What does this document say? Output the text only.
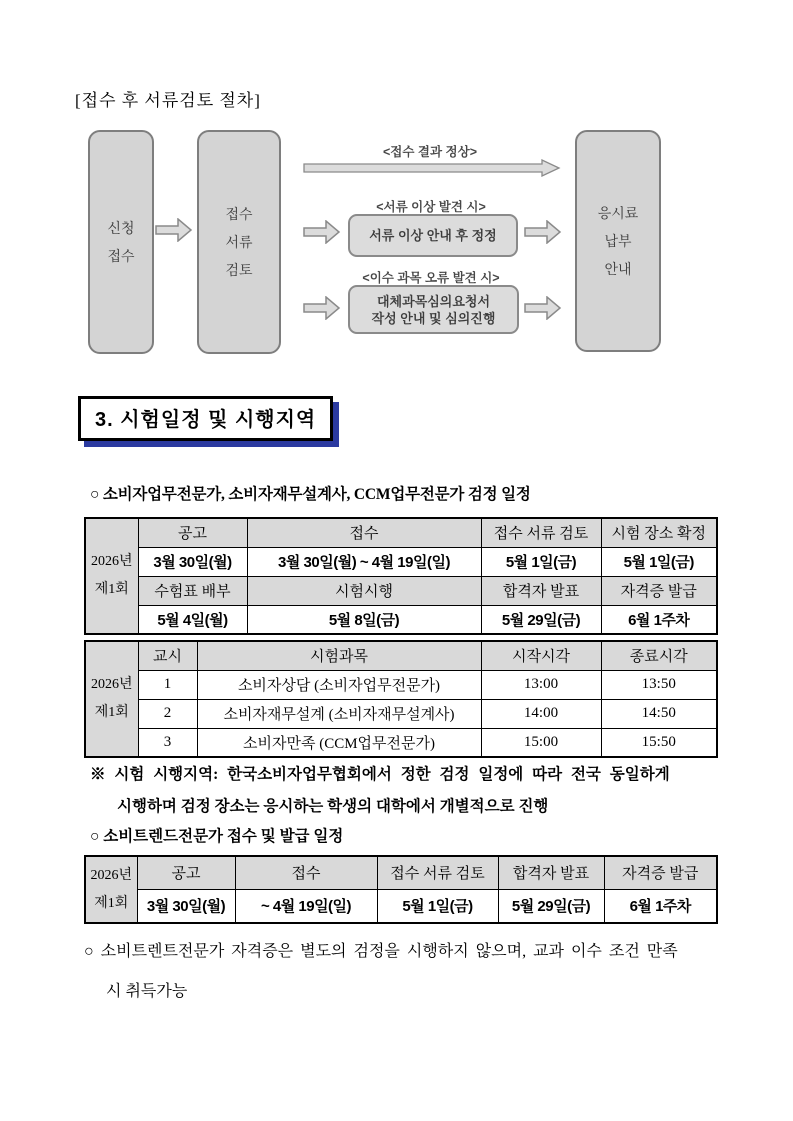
[접수 후 서류검토 절차]
신청
접수
접수
서류
검토
<접수 결과 정상>
<서류 이상 발견 시>
서류 이상 안내 후 정정
<이수 과목 오류 발견 시>
대체과목심의요청서
작성 안내 및 심의진행
응시료
납부
안내
3. 시험일정 및 시행지역
○ 소비자업무전문가, 소비자재무설계사, CCM업무전문가 검정 일정
2026년
제1회	공고	접수	접수 서류 검토	시험 장소 확정
	3월 30일(월)	3월 30일(월) ~ 4월 19일(일)	5월 1일(금)	5월 1일(금)
	수험표 배부	시험시행	합격자 발표	자격증 발급
	5월 4일(월)	5월 8일(금)	5월 29일(금)	6월 1주차
2026년
제1회	교시	시험과목	시작시각	종료시각
	1	소비자상담 (소비자업무전문가)	13:00	13:50
	2	소비자재무설계 (소비자재무설계사)	14:00	14:50
	3	소비자만족 (CCM업무전문가)	15:00	15:50
※ 시험 시행지역: 한국소비자업무협회에서 정한 검정 일정에 따라 전국 동일하게
시행하며 검정 장소는 응시하는 학생의 대학에서 개별적으로 진행
○ 소비트렌드전문가 접수 및 발급 일정
2026년
제1회	공고	접수	접수 서류 검토	합격자 발표	자격증 발급
	3월 30일(월)	~ 4월 19일(일)	5월 1일(금)	5월 29일(금)	6월 1주차
○ 소비트렌트전문가 자격증은 별도의 검정을 시행하지 않으며, 교과 이수 조건 만족
시 취득가능
